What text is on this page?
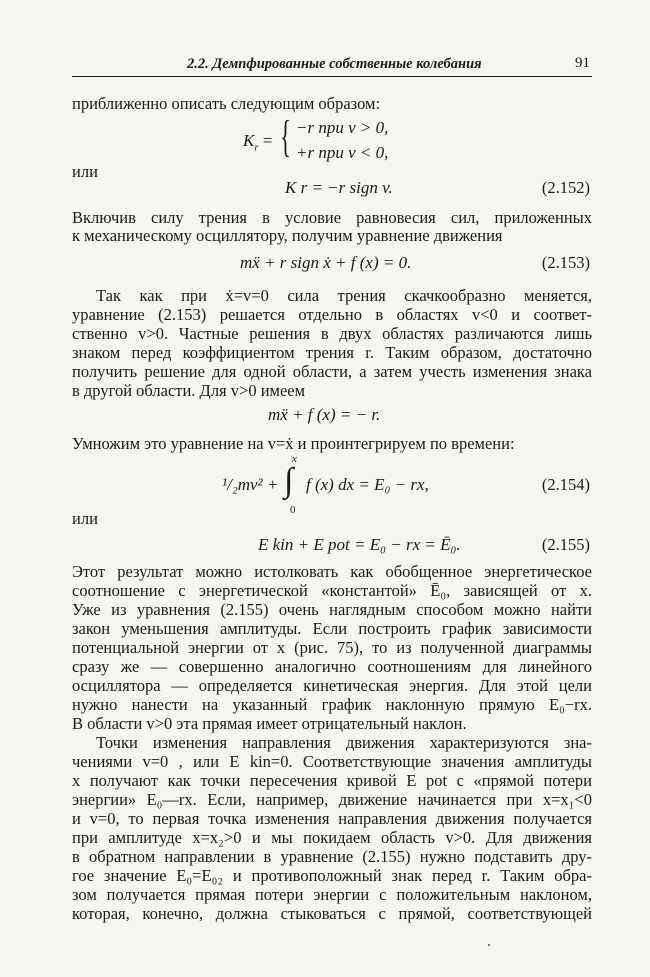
2.2. Демпфированные собственные колебания	91
приближенно описать следующим образом:
$K_r$ = { −r при v > 0,
+r при v < 0,
или
K r = −r sign v.	(2.152)
Включив силу трения в условие равновесия сил, приложенных
к механическому осциллятору, получим уравнение движения
mẍ + r sign ẋ + f (x) = 0.	(2.153)
Так как при ẋ=v=0 сила трения скачкообразно меняется,
уравнение (2.153) решается отдельно в областях v<0 и соответ-
ственно v>0. Частные решения в двух областях различаются лишь
знаком перед коэффициентом трения r. Таким образом, достаточно
получить решение для одной области, а затем учесть изменения знака
в другой области. Для v>0 имеем
mẍ + f (x) = − r.
Умножим это уравнение на v=ẋ и проинтегрируем по времени:
¹/₂mv² +
x
∫
0
f (x) dx = E₀ − rx,	(2.154)
или
E kin + E pot = E₀ − rx = Ē₀.	(2.155)
Этот результат можно истолковать как обобщенное энергетическое
соотношение с энергетической «константой» Ē₀, зависящей от x.
Уже из уравнения (2.155) очень наглядным способом можно найти
закон уменьшения амплитуды. Если построить график зависимости
потенциальной энергии от x (рис. 75), то из полученной диаграммы
сразу же — совершенно аналогично соотношениям для линейного
осциллятора — определяется кинетическая энергия. Для этой цели
нужно нанести на указанный график наклонную прямую E₀−rx.
В области v>0 эта прямая имеет отрицательный наклон.
Точки изменения направления движения характеризуются зна-
чениями v=0 , или E kin=0. Соответствующие значения амплитуды
x получают как точки пересечения кривой E pot с «прямой потери
энергии» E₀—rx. Если, например, движение начинается при x=x₁<0
и v=0, то первая точка изменения направления движения получается
при амплитуде x=x₂>0 и мы покидаем область v>0. Для движения
в обратном направлении в уравнение (2.155) нужно подставить дру-
гое значение E₀=E₀₂ и противоположный знак перед r. Таким обра-
зом получается прямая потери энергии с положительным наклоном,
которая, конечно, должна стыковаться с прямой, соответствующей
